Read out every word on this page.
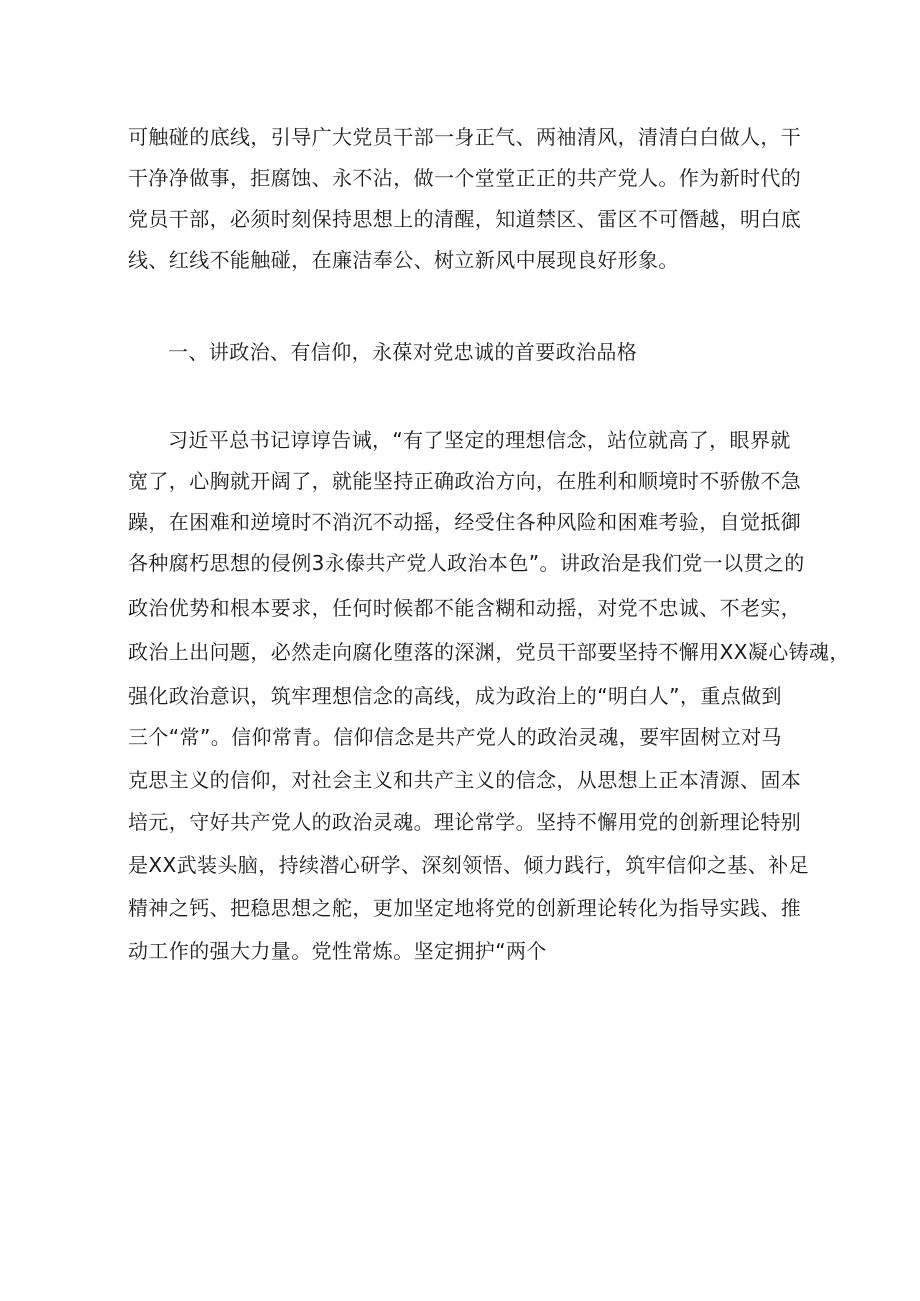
可触碰的底线，引导广大党员干部一身正气、两袖清风，清清白白做人，干
干净净做事，拒腐蚀、永不沾，做一个堂堂正正的共产党人。作为新时代的
党员干部，必须时刻保持思想上的清醒，知道禁区、雷区不可僭越，明白底
线、红线不能触碰，在廉洁奉公、树立新风中展现良好形象。
一、讲政治、有信仰，永葆对党忠诚的首要政治品格
习近平总书记谆谆告诫，“有了坚定的理想信念，站位就高了，眼界就
宽了，心胸就开阔了，就能坚持正确政治方向，在胜利和顺境时不骄傲不急
躁，在困难和逆境时不消沉不动摇，经受住各种风险和困难考验，自觉抵御
各种腐朽思想的侵例3永傣共产党人政治本色”。讲政治是我们党一以贯之的
政治优势和根本要求，任何时候都不能含糊和动摇，对党不忠诚、不老实，
政治上出问题，必然走向腐化堕落的深渊，党员干部要坚持不懈用XX凝心铸魂，
强化政治意识，筑牢理想信念的高线，成为政治上的“明白人”，重点做到
三个“常”。信仰常青。信仰信念是共产党人的政治灵魂，要牢固树立对马
克思主义的信仰，对社会主义和共产主义的信念，从思想上正本清源、固本
培元，守好共产党人的政治灵魂。理论常学。坚持不懈用党的创新理论特别
是XX武装头脑，持续潜心研学、深刻领悟、倾力践行，筑牢信仰之基、补足
精神之钙、把稳思想之舵，更加坚定地将党的创新理论转化为指导实践、推
动工作的强大力量。党性常炼。坚定拥护“两个
